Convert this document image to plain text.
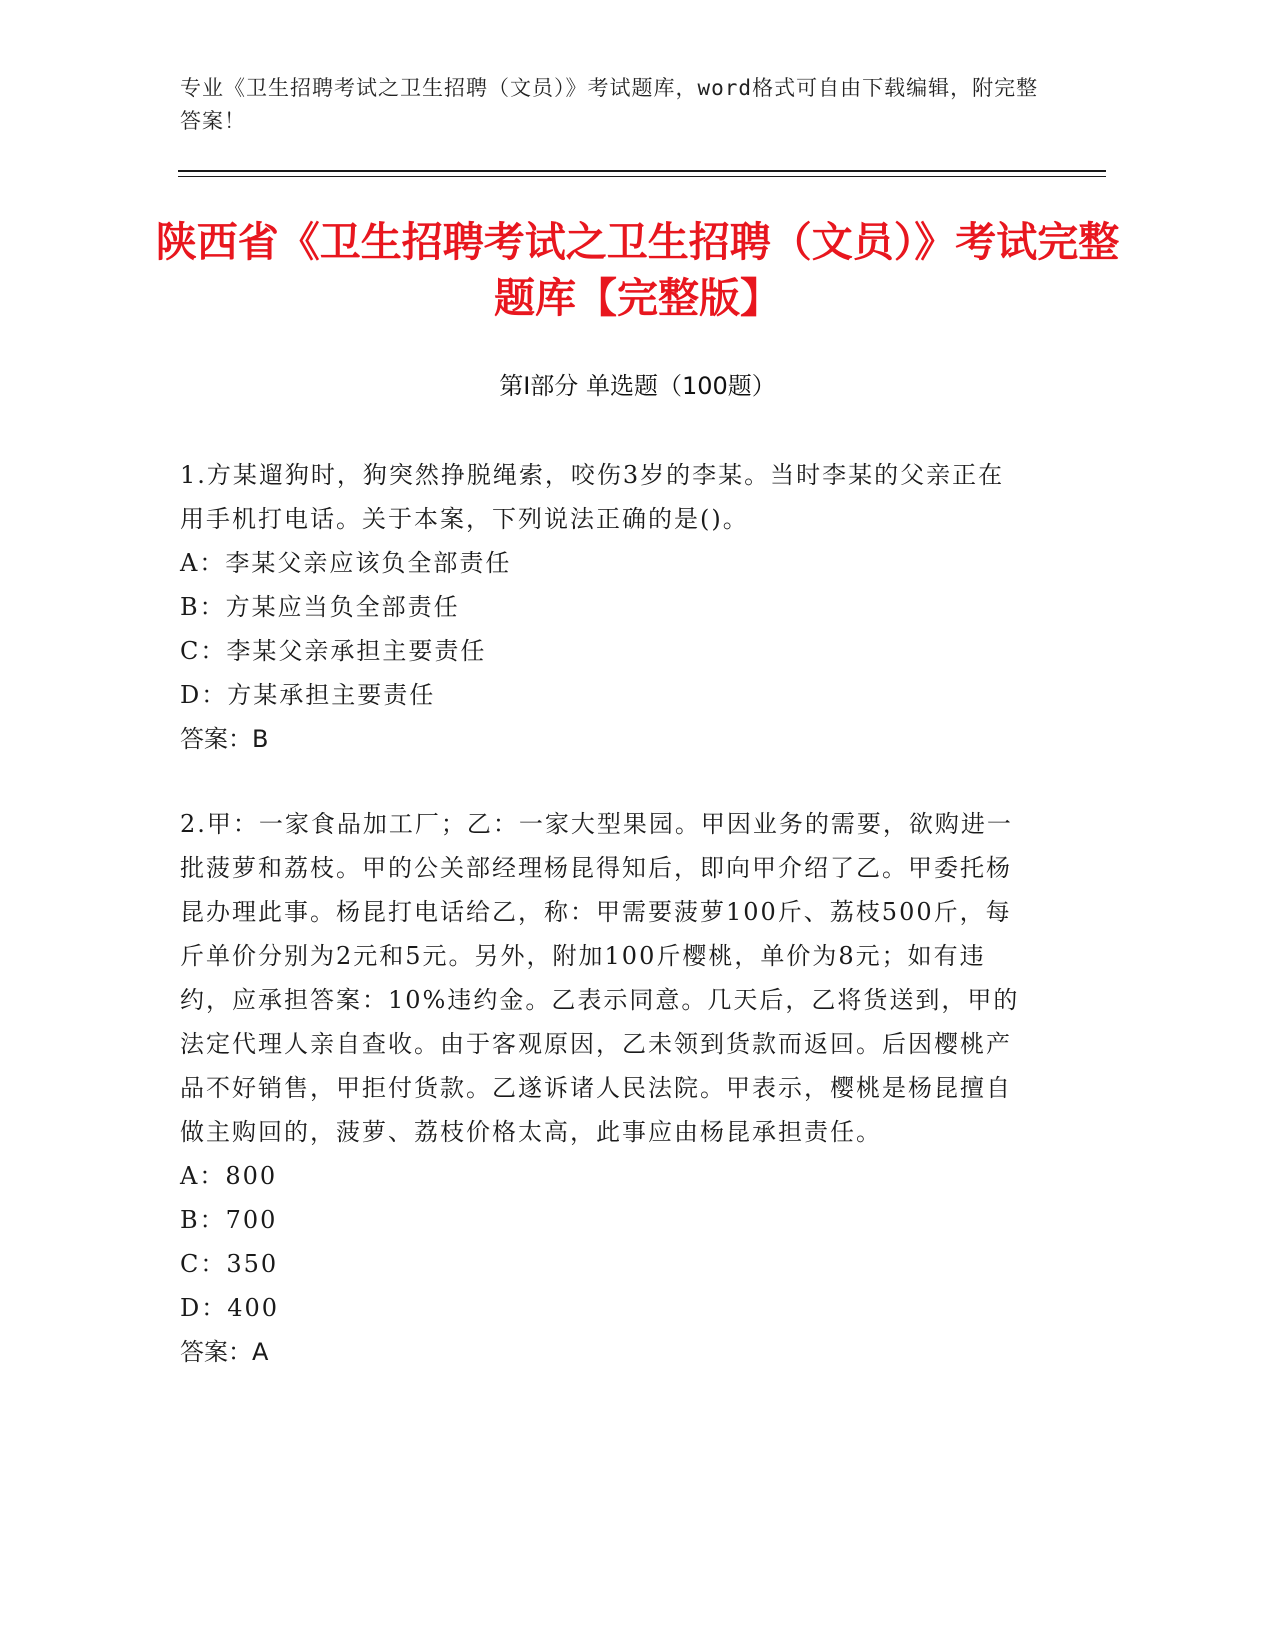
专业《卫生招聘考试之卫生招聘（文员）》考试题库，word格式可自由下载编辑，附完整答案！
陕西省《卫生招聘考试之卫生招聘（文员）》考试完整题库【完整版】
第Ⅰ部分 单选题（100题）

1.方某遛狗时，狗突然挣脱绳索，咬伤3岁的李某。当时李某的父亲正在用手机打电话。关于本案，下列说法正确的是()。

A：李某父亲应该负全部责任

B：方某应当负全部责任

C：李某父亲承担主要责任

D：方某承担主要责任

答案：B

2.甲：一家食品加工厂；乙：一家大型果园。甲因业务的需要，欲购进一批菠萝和荔枝。甲的公关部经理杨昆得知后，即向甲介绍了乙。甲委托杨昆办理此事。杨昆打电话给乙，称：甲需要菠萝100斤、荔枝500斤，每斤单价分别为2元和5元。另外，附加100斤樱桃，单价为8元；如有违约，应承担答案：10%违约金。乙表示同意。几天后，乙将货送到，甲的法定代理人亲自查收。由于客观原因，乙未领到货款而返回。后因樱桃产品不好销售，甲拒付货款。乙遂诉诸人民法院。甲表示，樱桃是杨昆擅自做主购回的，菠萝、荔枝价格太高，此事应由杨昆承担责任。

A：800

B：700

C：350

D：400

答案：A
